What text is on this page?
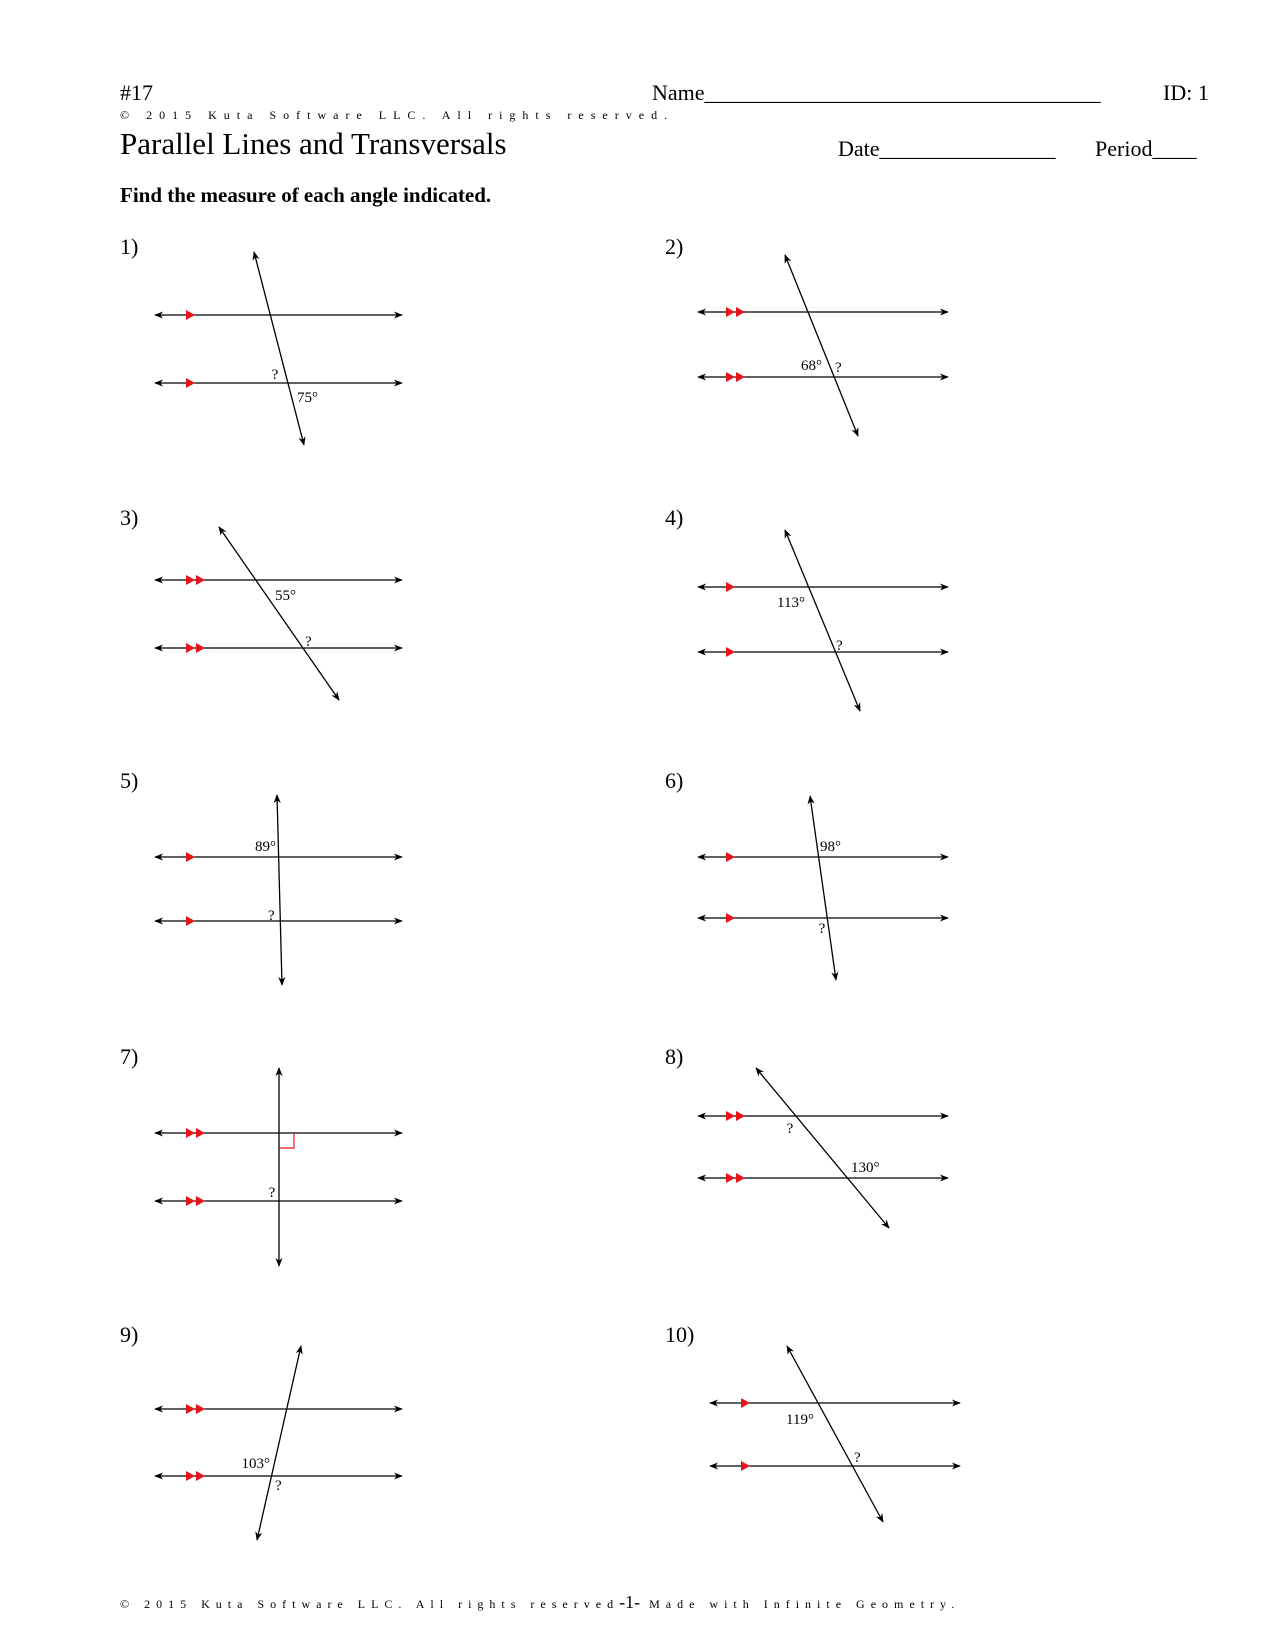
#17
© 2015 Kuta Software LLC. All rights reserved.
Name____________________________________	ID: 1
Parallel Lines and Transversals	Date________________ Period____
Find the measure of each angle indicated.
1)
?
75°
2)
68° ?
3)
55°
?
4)
113°
?
5)
89°
?
6)
98°
?
7)
?
8)
?
130°
9)
103°
?
10)
119°
?
© 2015 Kuta Software LLC. All rights reserved-1- Made with Infinite Geometry.
